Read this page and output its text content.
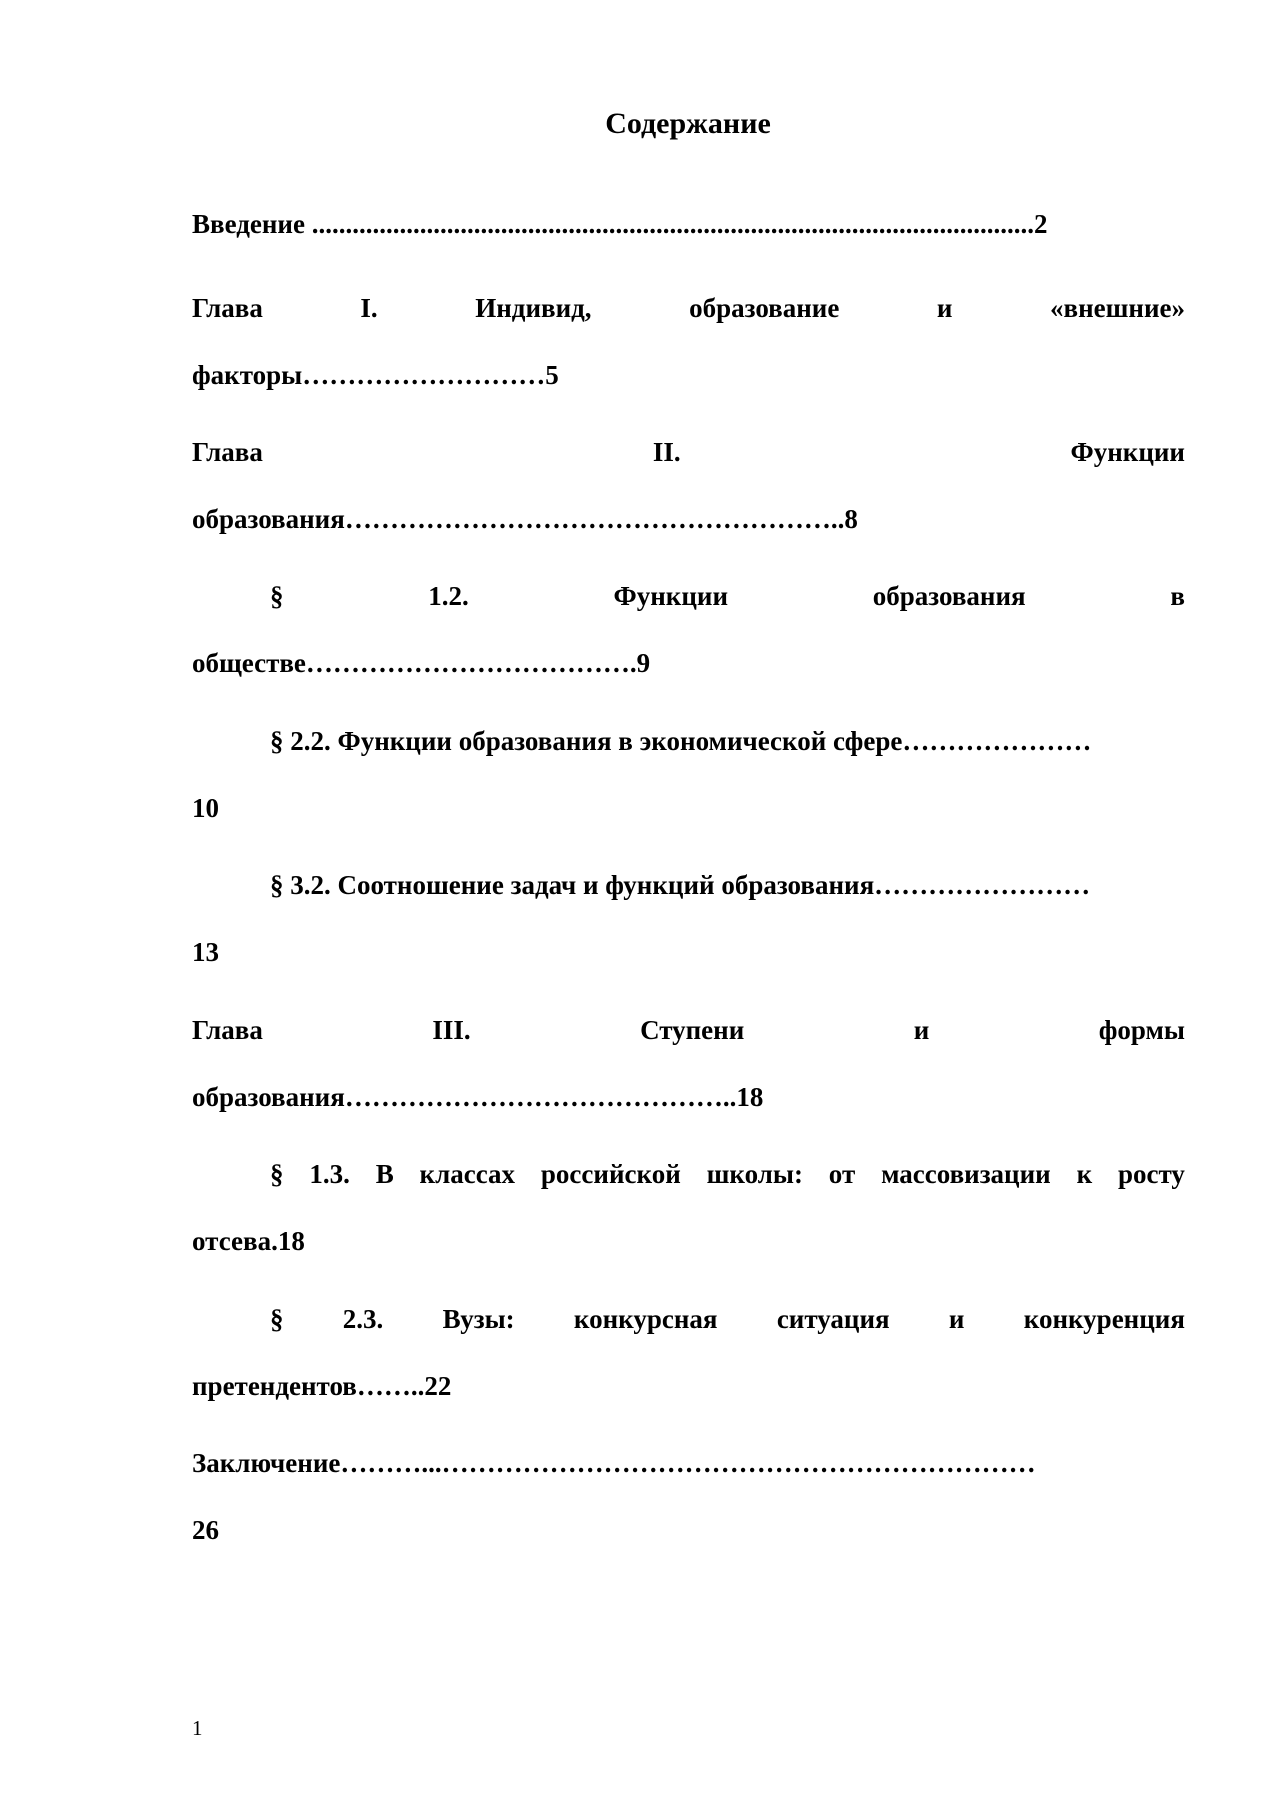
Содержание
Введение ...........................................................................................................2
Глава	I.	Индивид,	образование	и	«внешние»
факторы………………………5
Глава	II.	Функции
образования………………………………………………..8
§	1.2.	Функции	образования	в
обществе……………………………….9
§ 2.2. Функции образования в экономической сфере…………………
10
§ 3.2. Соотношение задач и функций образования……………………
13
Глава	III.	Ступени	и	формы
образования……………………………………..18
§ 1.3. В классах российской школы: от массовизации к росту
отсева.18
§ 2.3. Вузы: конкурсная ситуация и конкуренция
претендентов……..22
Заключение………...…………………………………………………………
26
1
